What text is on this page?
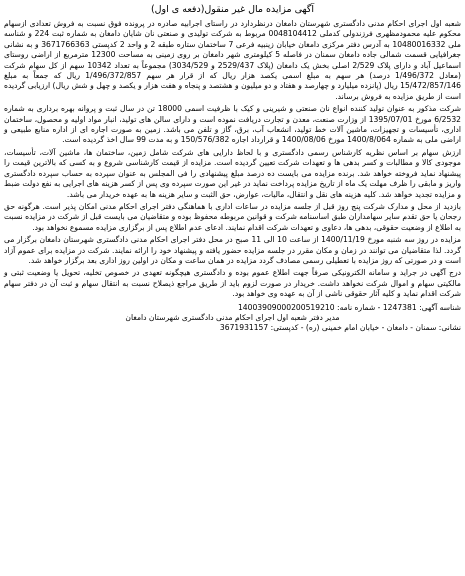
آگهی مزایده مال غیر منقول(دفعه ی اول)

شعبه اول اجرای احکام مدنی دادگستری شهرستان دامغان درنظردارد در راستای اجرابیه صادره در پرونده فوق نسبت به فروش تعدادی ازسهام محکوم علیه محمودمظهری فرزندولی کدملی 0048104412 مربوط به شرکت تولیدی و صنعتی نان شایان دامغان به شماره ثبت 224 و شناسه ملی 10480016332 به آدرس دفتر مرکزی دامغان خیابان زینبیه فرعی 7 ساختمان ستاره طبقه 2 و واحد 2 کدپستی 3671766363 و به نشانی جغرافیایی قسمت شمالی جاده دامغان سمنان در فاصله 5 کیلومتری شهر دامغان بر روی زمینی به مساحت 12300 مترمربع از اراضی روستای اسماعیل آباد و دارای پلاک 2/529 اصلی بخش یک دامغان (پلاک 2529/437 و 3034/529) مجموعاً به تعداد 10342 سهم از کل سهام شرکت (معادل 1/496/372 درصد) هر سهم به مبلغ اسمی یکصد هزار ریال که از قرار هر سهم 1/496/372/857 ریال که جمعاً به مبلغ 15/472/857/146 ریال (پانزده میلیارد و چهارصد و هفتاد و دو میلیون و هشتصد و پنجاه و هفت هزار و یکصد و چهل و شش ریال) ارزیابی گردیده است از طریق مزایده به فروش برساند.

شرکت مذکور به عنوان تولید کننده انواع نان صنعتی و شیرینی و کیک با ظرفیت اسمی 18000 تن در سال ثبت و پروانه بهره برداری به شماره 6/2532 مورخ 1395/07/01 از وزارت صنعت، معدن و تجارت دریافت نموده است و دارای سالن های تولید، انبار مواد اولیه و محصول، ساختمان اداری، تأسیسات و تجهیزات، ماشین آلات خط تولید، انشعاب آب، برق، گاز و تلفن می باشد. زمین به صورت اجاره ای از اداره منابع طبیعی و اراضی ملی به شماره 1400/8/064 مورخ 1400/08/06 و قرارداد اجاره 150/576/382 و به مدت 99 سال اخذ گردیده است.

ارزش سهام بر اساس نظریه کارشناس رسمی دادگستری و با لحاظ دارایی های شرکت شامل زمین، ساختمان ها، ماشین آلات، تأسیسات، موجودی کالا و مطالبات و کسر بدهی ها و تعهدات شرکت تعیین گردیده است. مزایده از قیمت کارشناسی شروع و به کسی که بالاترین قیمت را پیشنهاد نماید فروخته خواهد شد. برنده مزایده می بایست ده درصد مبلغ پیشنهادی را فی المجلس به عنوان سپرده به حساب سپرده دادگستری واریز و مابقی را ظرف مهلت یک ماه از تاریخ مزایده پرداخت نماید در غیر این صورت سپرده وی پس از کسر هزینه های اجرایی به نفع دولت ضبط و مزایده تجدید خواهد شد. کلیه هزینه های نقل و انتقال، مالیات، عوارض، حق الثبت و سایر هزینه ها به عهده خریدار می باشد.

بازدید از محل و مدارک شرکت پنج روز قبل از جلسه مزایده در ساعات اداری با هماهنگی دفتر اجرای احکام مدنی امکان پذیر است. هرگونه حق رجحان یا حق تقدم سایر سهامداران طبق اساسنامه شرکت و قوانین مربوطه محفوظ بوده و متقاضیان می بایست قبل از شرکت در مزایده نسبت به اطلاع از وضعیت حقوقی، بدهی ها، دعاوی و تعهدات شرکت اقدام نمایند. ادعای عدم اطلاع پس از برگزاری مزایده مسموع نخواهد بود.

مزایده در روز سه شنبه مورخ 1400/11/19 از ساعت 10 الی 11 صبح در محل دفتر اجرای احکام مدنی دادگستری شهرستان دامغان برگزار می گردد. لذا متقاضیان می توانند در زمان و مکان مقرر در جلسه مزایده حضور یافته و پیشنهاد خود را ارائه نمایند. شرکت در مزایده برای عموم آزاد است و در صورتی که روز مزایده با تعطیلی رسمی مصادف گردد مزایده در همان ساعت و مکان در اولین روز اداری بعد برگزار خواهد شد.

درج آگهی در جراید و سامانه الکترونیکی صرفاً جهت اطلاع عموم بوده و دادگستری هیچگونه تعهدی در خصوص تخلیه، تحویل یا وضعیت ثبتی و مالکیتی سهام و اموال شرکت نخواهد داشت. خریدار در صورت لزوم باید از طریق مراجع ذیصلاح نسبت به انتقال سهام و ثبت آن در دفتر سهام شرکت اقدام نماید و کلیه آثار حقوقی ناشی از آن به عهده وی خواهد بود.

شناسه آگهی: 1247381 - شماره نامه: 14003909000200519210

مدیر دفتر شعبه اول اجرای احکام مدنی دادگستری شهرستان دامغان

نشانی: سمنان - دامغان - خیابان امام خمینی (ره) - کدپستی: 3671931157
